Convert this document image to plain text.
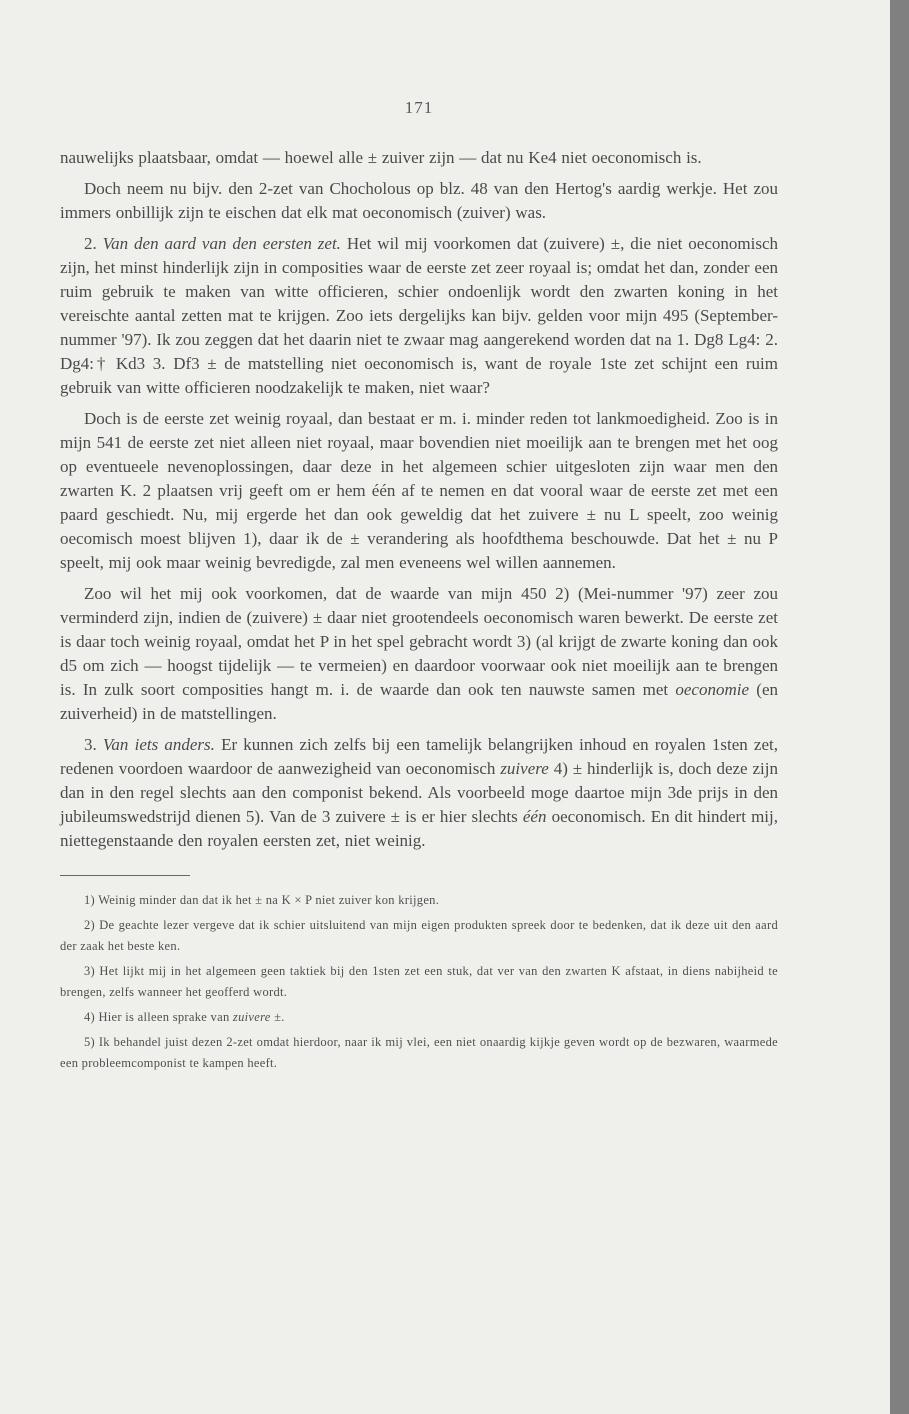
171

nauwelijks plaatsbaar, omdat — hoewel alle ± zuiver zijn — dat nu Ke4 niet oeconomisch is.

Doch neem nu bijv. den 2-zet van Chocholous op blz. 48 van den Hertog's aardig werkje. Het zou immers onbillijk zijn te eischen dat elk mat oeconomisch (zuiver) was.

2. Van den aard van den eersten zet. Het wil mij voorkomen dat (zuivere) ±, die niet oeconomisch zijn, het minst hinderlijk zijn in composities waar de eerste zet zeer royaal is; omdat het dan, zonder een ruim gebruik te maken van witte officieren, schier ondoenlijk wordt den zwarten koning in het vereischte aantal zetten mat te krijgen. Zoo iets dergelijks kan bijv. gelden voor mijn 495 (September-nummer '97). Ik zou zeggen dat het daarin niet te zwaar mag aangerekend worden dat na 1. Dg8 Lg4: 2. Dg4:† Kd3 3. Df3 ± de matstelling niet oeconomisch is, want de royale 1ste zet schijnt een ruim gebruik van witte officieren noodzakelijk te maken, niet waar?

Doch is de eerste zet weinig royaal, dan bestaat er m. i. minder reden tot lankmoedigheid. Zoo is in mijn 541 de eerste zet niet alleen niet royaal, maar bovendien niet moeilijk aan te brengen met het oog op eventueele nevenoplossingen, daar deze in het algemeen schier uitgesloten zijn waar men den zwarten K. 2 plaatsen vrij geeft om er hem één af te nemen en dat vooral waar de eerste zet met een paard geschiedt. Nu, mij ergerde het dan ook geweldig dat het zuivere ± nu L speelt, zoo weinig oecomisch moest blijven 1), daar ik de ± verandering als hoofdthema beschouwde. Dat het ± nu P speelt, mij ook maar weinig bevredigde, zal men eveneens wel willen aannemen.

Zoo wil het mij ook voorkomen, dat de waarde van mijn 450 2) (Mei-nummer '97) zeer zou verminderd zijn, indien de (zuivere) ± daar niet grootendeels oeconomisch waren bewerkt. De eerste zet is daar toch weinig royaal, omdat het P in het spel gebracht wordt 3) (al krijgt de zwarte koning dan ook d5 om zich — hoogst tijdelijk — te vermeien) en daardoor voorwaar ook niet moeilijk aan te brengen is. In zulk soort composities hangt m. i. de waarde dan ook ten nauwste samen met oeconomie (en zuiverheid) in de matstellingen.

3. Van iets anders. Er kunnen zich zelfs bij een tamelijk belangrijken inhoud en royalen 1sten zet, redenen voordoen waardoor de aanwezigheid van oeconomisch zuivere 4) ± hinderlijk is, doch deze zijn dan in den regel slechts aan den componist bekend. Als voorbeeld moge daartoe mijn 3de prijs in den jubileumswedstrijd dienen 5). Van de 3 zuivere ± is er hier slechts één oeconomisch. En dit hindert mij, niettegenstaande den royalen eersten zet, niet weinig.

1) Weinig minder dan dat ik het ± na K × P niet zuiver kon krijgen.

2) De geachte lezer vergeve dat ik schier uitsluitend van mijn eigen produkten spreek door te bedenken, dat ik deze uit den aard der zaak het beste ken.

3) Het lijkt mij in het algemeen geen taktiek bij den 1sten zet een stuk, dat ver van den zwarten K afstaat, in diens nabijheid te brengen, zelfs wanneer het geofferd wordt.

4) Hier is alleen sprake van zuivere ±.

5) Ik behandel juist dezen 2-zet omdat hierdoor, naar ik mij vlei, een niet onaardig kijkje geven wordt op de bezwaren, waarmede een probleemcomponist te kampen heeft.
